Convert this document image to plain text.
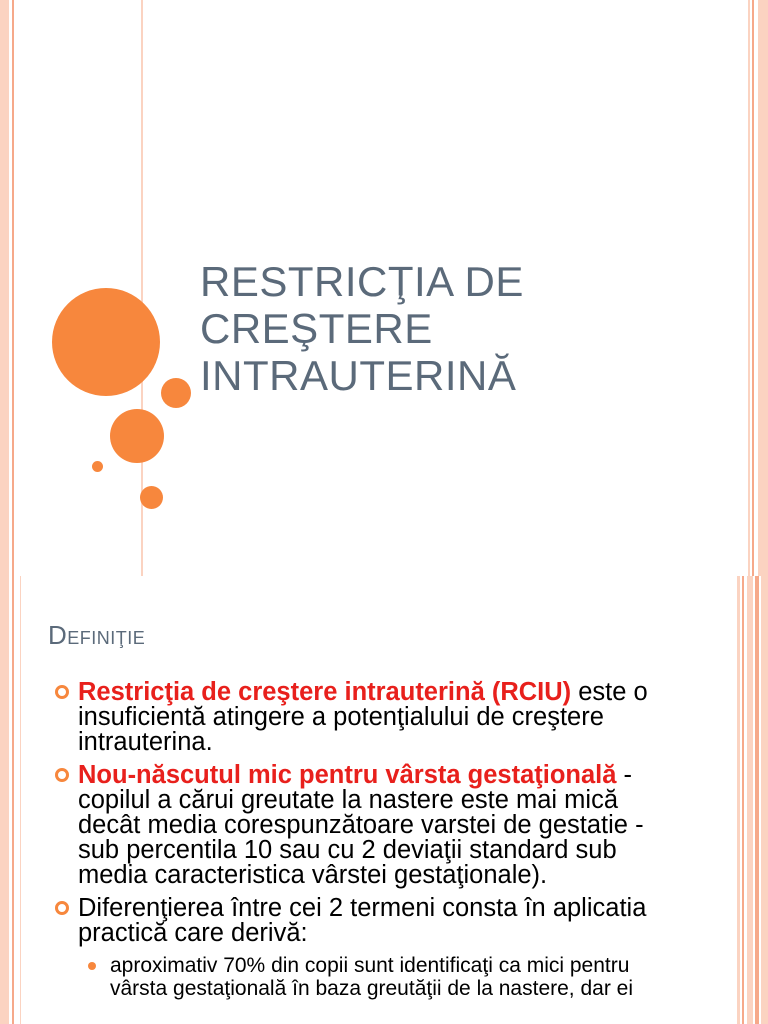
RESTRICŢIA DE
CREŞTERE
INTRAUTERINĂ
Definiţie
Restricţia de creştere intrauterină (RCIU) este o
insuficientă atingere a potenţialului de creştere
intrauterina.
Nou-născutul mic pentru vârsta gestaţională -
copilul a cărui greutate la nastere este mai mică
decât media corespunzătoare varstei de gestatie -
sub percentila 10 sau cu 2 deviaţii standard sub
media caracteristica vârstei gestaţionale).
Diferenţierea între cei 2 termeni consta în aplicatia
practică care derivă:
aproximativ 70% din copii sunt identificaţi ca mici pentru
vârsta gestaţională în baza greutăţii de la nastere, dar ei
